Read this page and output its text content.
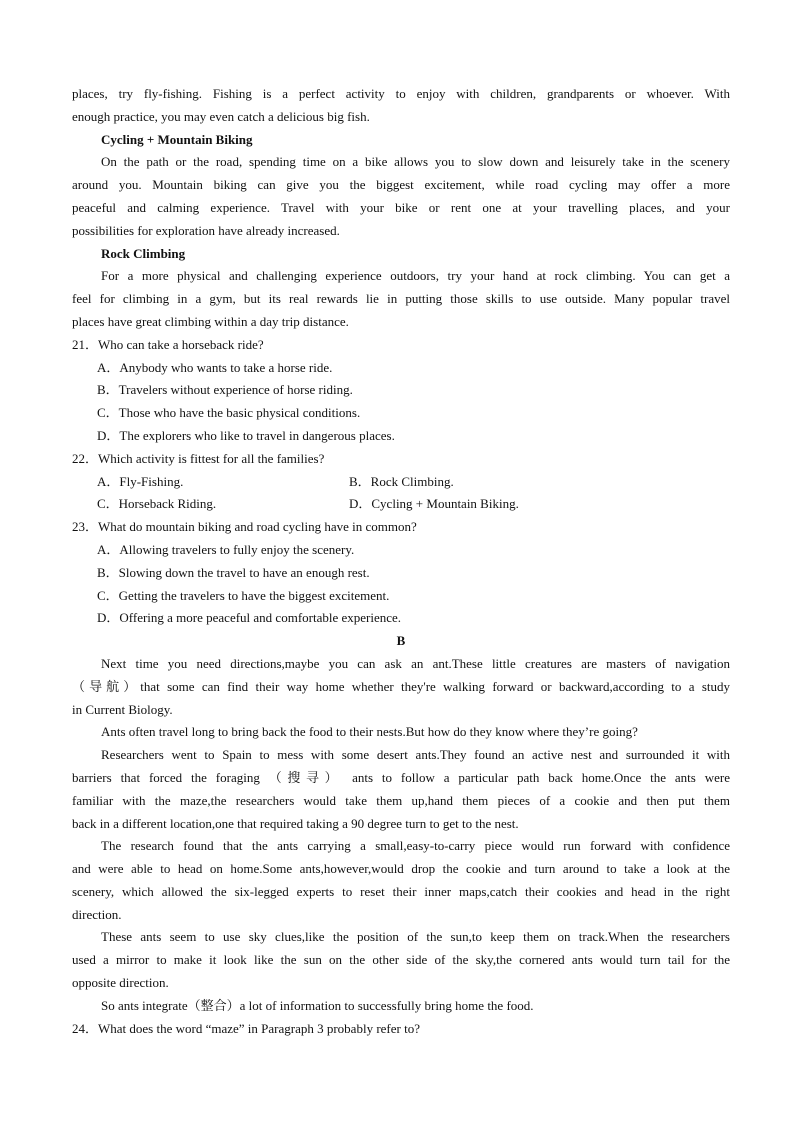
places, try fly-fishing. Fishing is a perfect activity to enjoy with children, grandparents or whoever. With
enough practice, you may even catch a delicious big fish.
Cycling + Mountain Biking
On the path or the road, spending time on a bike allows you to slow down and leisurely take in the scenery
around you. Mountain biking can give you the biggest excitement, while road cycling may offer a more
peaceful and calming experience. Travel with your bike or rent one at your travelling places, and your
possibilities for exploration have already increased.
Rock Climbing
For a more physical and challenging experience outdoors, try your hand at rock climbing. You can get a
feel for climbing in a gym, but its real rewards lie in putting those skills to use outside. Many popular travel
places have great climbing within a day trip distance.
21．Who can take a horseback ride?
A．Anybody who wants to take a horse ride.
B．Travelers without experience of horse riding.
C．Those who have the basic physical conditions.
D．The explorers who like to travel in dangerous places.
22．Which activity is fittest for all the families?
A．Fly-Fishing.	B．Rock Climbing.
C．Horseback Riding.	D．Cycling + Mountain Biking.
23．What do mountain biking and road cycling have in common?
A．Allowing travelers to fully enjoy the scenery.
B．Slowing down the travel to have an enough rest.
C．Getting the travelers to have the biggest excitement.
D．Offering a more peaceful and comfortable experience.
B
Next time you need directions,maybe you can ask an ant.These little creatures are masters of navigation
（导航）that some can find their way home whether they're walking forward or backward,according to a study
in Current Biology.
Ants often travel long to bring back the food to their nests.But how do they know where they’re going?
Researchers went to Spain to mess with some desert ants.They found an active nest and surrounded it with
barriers that forced the foraging （搜寻） ants to follow a particular path back home.Once the ants were
familiar with the maze,the researchers would take them up,hand them pieces of a cookie and then put them
back in a different location,one that required taking a 90 degree turn to get to the nest.
The research found that the ants carrying a small,easy-to-carry piece would run forward with confidence
and were able to head on home.Some ants,however,would drop the cookie and turn around to take a look at the
scenery, which allowed the six-legged experts to reset their inner maps,catch their cookies and head in the right
direction.
These ants seem to use sky clues,like the position of the sun,to keep them on track.When the researchers
used a mirror to make it look like the sun on the other side of the sky,the cornered ants would turn tail for the
opposite direction.
So ants integrate（整合）a lot of information to successfully bring home the food.
24．What does the word “maze” in Paragraph 3 probably refer to?
